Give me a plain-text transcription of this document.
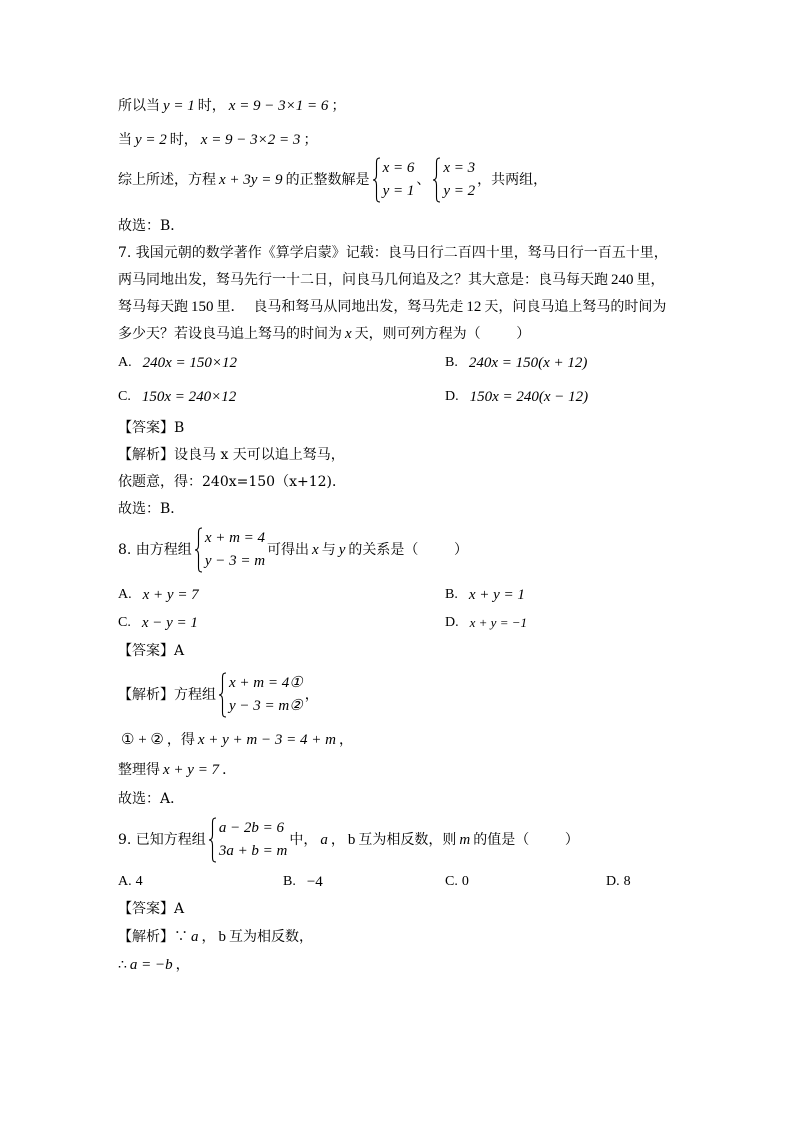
所以当 y = 1 时， x = 9 − 3×1 = 6 ；
当 y = 2 时， x = 9 − 3×2 = 3 ；
综上所述，方程 x + 3y = 9 的正整数解是
x = 6
y = 1
、
x = 3
y = 2
，共两组，
故选：B．
7. 我国元朝的数学著作《算学启蒙》记载：良马日行二百四十里，驽马日行一百五十里，
两马同地出发，驽马先行一十二日，问良马几何追及之？其大意是：良马每天跑 240 里，
驽马每天跑 150 里．  良马和驽马从同地出发，驽马先走 12 天，问良马追上驽马的时间为
多少天？若设良马追上驽马的时间为 x 天，则可列方程为（        ）
A. 240x = 150×12	B. 240x = 150(x + 12)
C. 150x = 240×12	D. 150x = 240(x − 12)
【答案】B
【解析】设良马 x 天可以追上驽马，
依题意，得：240x=150（x+12)．
故选：B．
8. 由方程组
x + m = 4
y − 3 = m
可得出 x 与 y 的关系是（        ）
A. x + y = 7	B. x + y = 1
C. x − y = 1	D. x + y = −1
【答案】A
【解析】方程组
x + m = 4①
y − 3 = m②
，
① + ② ，得 x + y + m − 3 = 4 + m ，
整理得 x + y = 7 ．
故选：A．
9. 已知方程组
a − 2b = 6
3a + b = m
中， a ， b 互为相反数，则 m 的值是（        ）
A. 4	B. −4	C. 0	D. 8
【答案】A
【解析】∵ a ， b 互为相反数，
∴ a = −b ，
